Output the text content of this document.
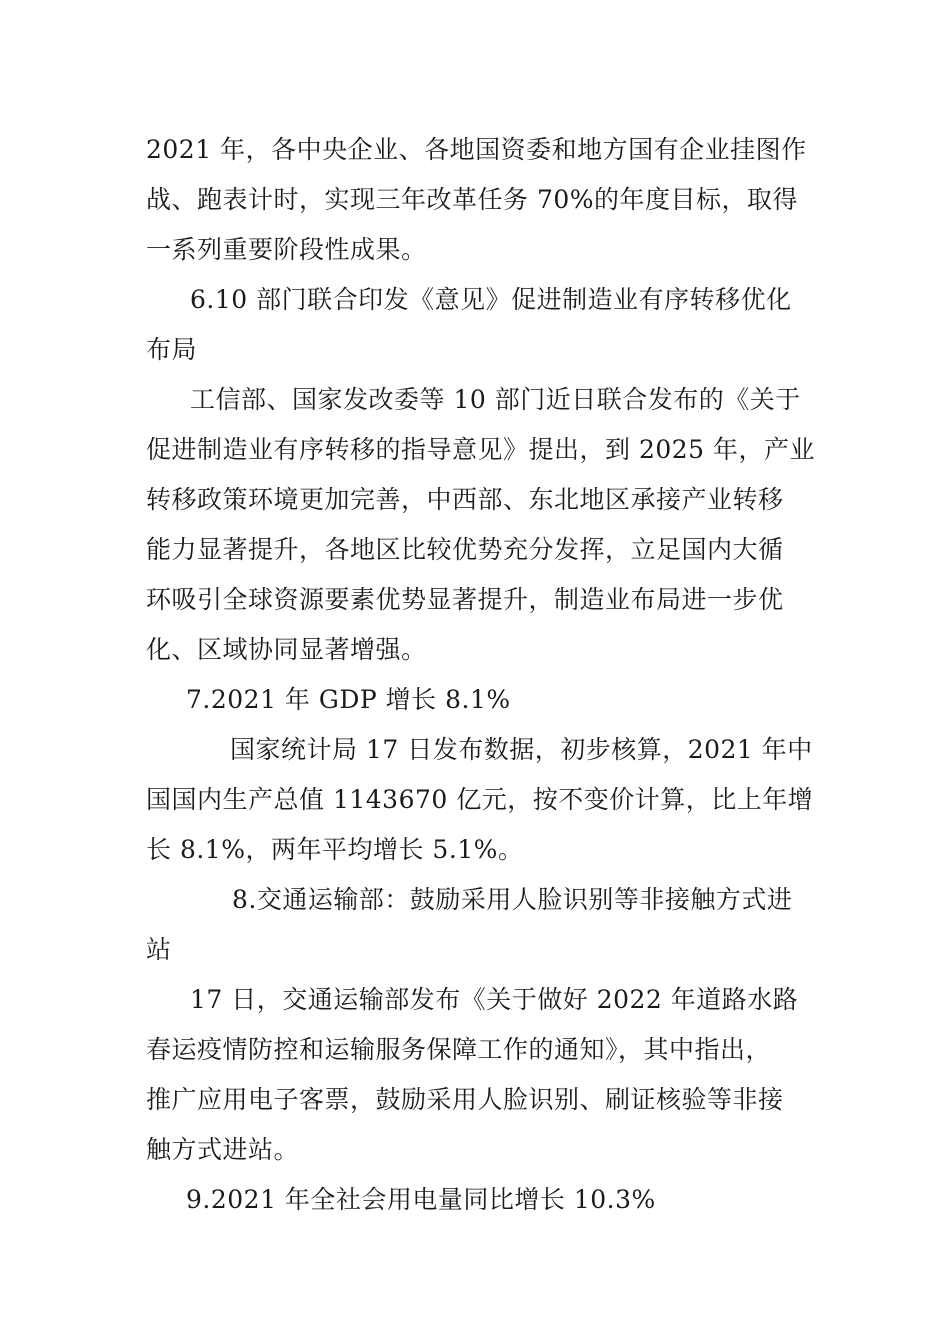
2021 年，各中央企业、各地国资委和地方国有企业挂图作
战、跑表计时，实现三年改革任务 70%的年度目标，取得
一系列重要阶段性成果。
6.10 部门联合印发《意见》促进制造业有序转移优化
布局
工信部、国家发改委等 10 部门近日联合发布的《关于
促进制造业有序转移的指导意见》提出，到 2025 年，产业
转移政策环境更加完善，中西部、东北地区承接产业转移
能力显著提升，各地区比较优势充分发挥，立足国内大循
环吸引全球资源要素优势显著提升，制造业布局进一步优
化、区域协同显著增强。
7.2021 年 GDP 增长 8.1%
国家统计局 17 日发布数据，初步核算，2021 年中
国国内生产总值 1143670 亿元，按不变价计算，比上年增
长 8.1%，两年平均增长 5.1%。
8.交通运输部：鼓励采用人脸识别等非接触方式进
站
17 日，交通运输部发布《关于做好 2022 年道路水路
春运疫情防控和运输服务保障工作的通知》，其中指出，
推广应用电子客票，鼓励采用人脸识别、刷证核验等非接
触方式进站。
9.2021 年全社会用电量同比增长 10.3%
